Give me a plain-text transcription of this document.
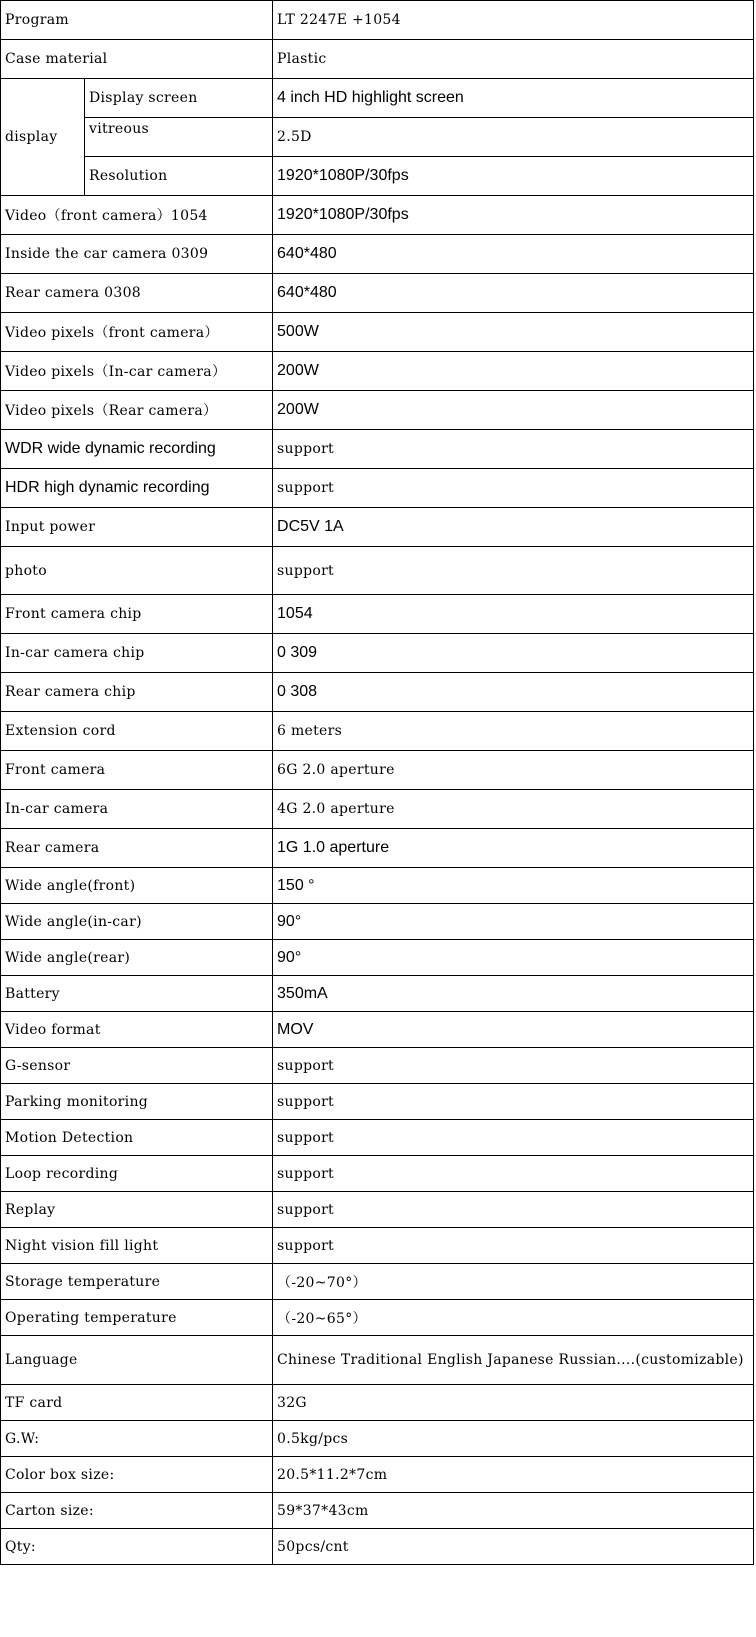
Program		LT 2247E +1054
Case material		Plastic
display	Display screen	4 inch HD highlight screen
	vitreous	2.5D
	Resolution	1920*1080P/30fps
Video（front camera）1054		1920*1080P/30fps
Inside the car camera 0309		640*480
Rear camera 0308		640*480
Video pixels（front camera）		500W
Video pixels（In-car camera）		200W
Video pixels（Rear camera）		200W
WDR wide dynamic recording		support
HDR high dynamic recording		support
Input power		DC5V 1A
photo		support
Front camera chip		1054
In-car camera chip		0 309
Rear camera chip		0 308
Extension cord		6 meters
Front camera		6G 2.0 aperture
In-car camera		4G 2.0 aperture
Rear camera		1G 1.0 aperture
Wide angle(front)		150 °
Wide angle(in-car)		90°
Wide angle(rear)		90°
Battery		350mA
Video format		MOV
G-sensor		support
Parking monitoring		support
Motion Detection		support
Loop recording		support
Replay		support
Night vision fill light		support
Storage temperature		（-20~70°）
Operating temperature		（-20~65°）
Language		Chinese Traditional English Japanese Russian....(customizable)
TF card		32G
G.W:		0.5kg/pcs
Color box size:		20.5*11.2*7cm
Carton size:		59*37*43cm
Qty:		50pcs/cnt
